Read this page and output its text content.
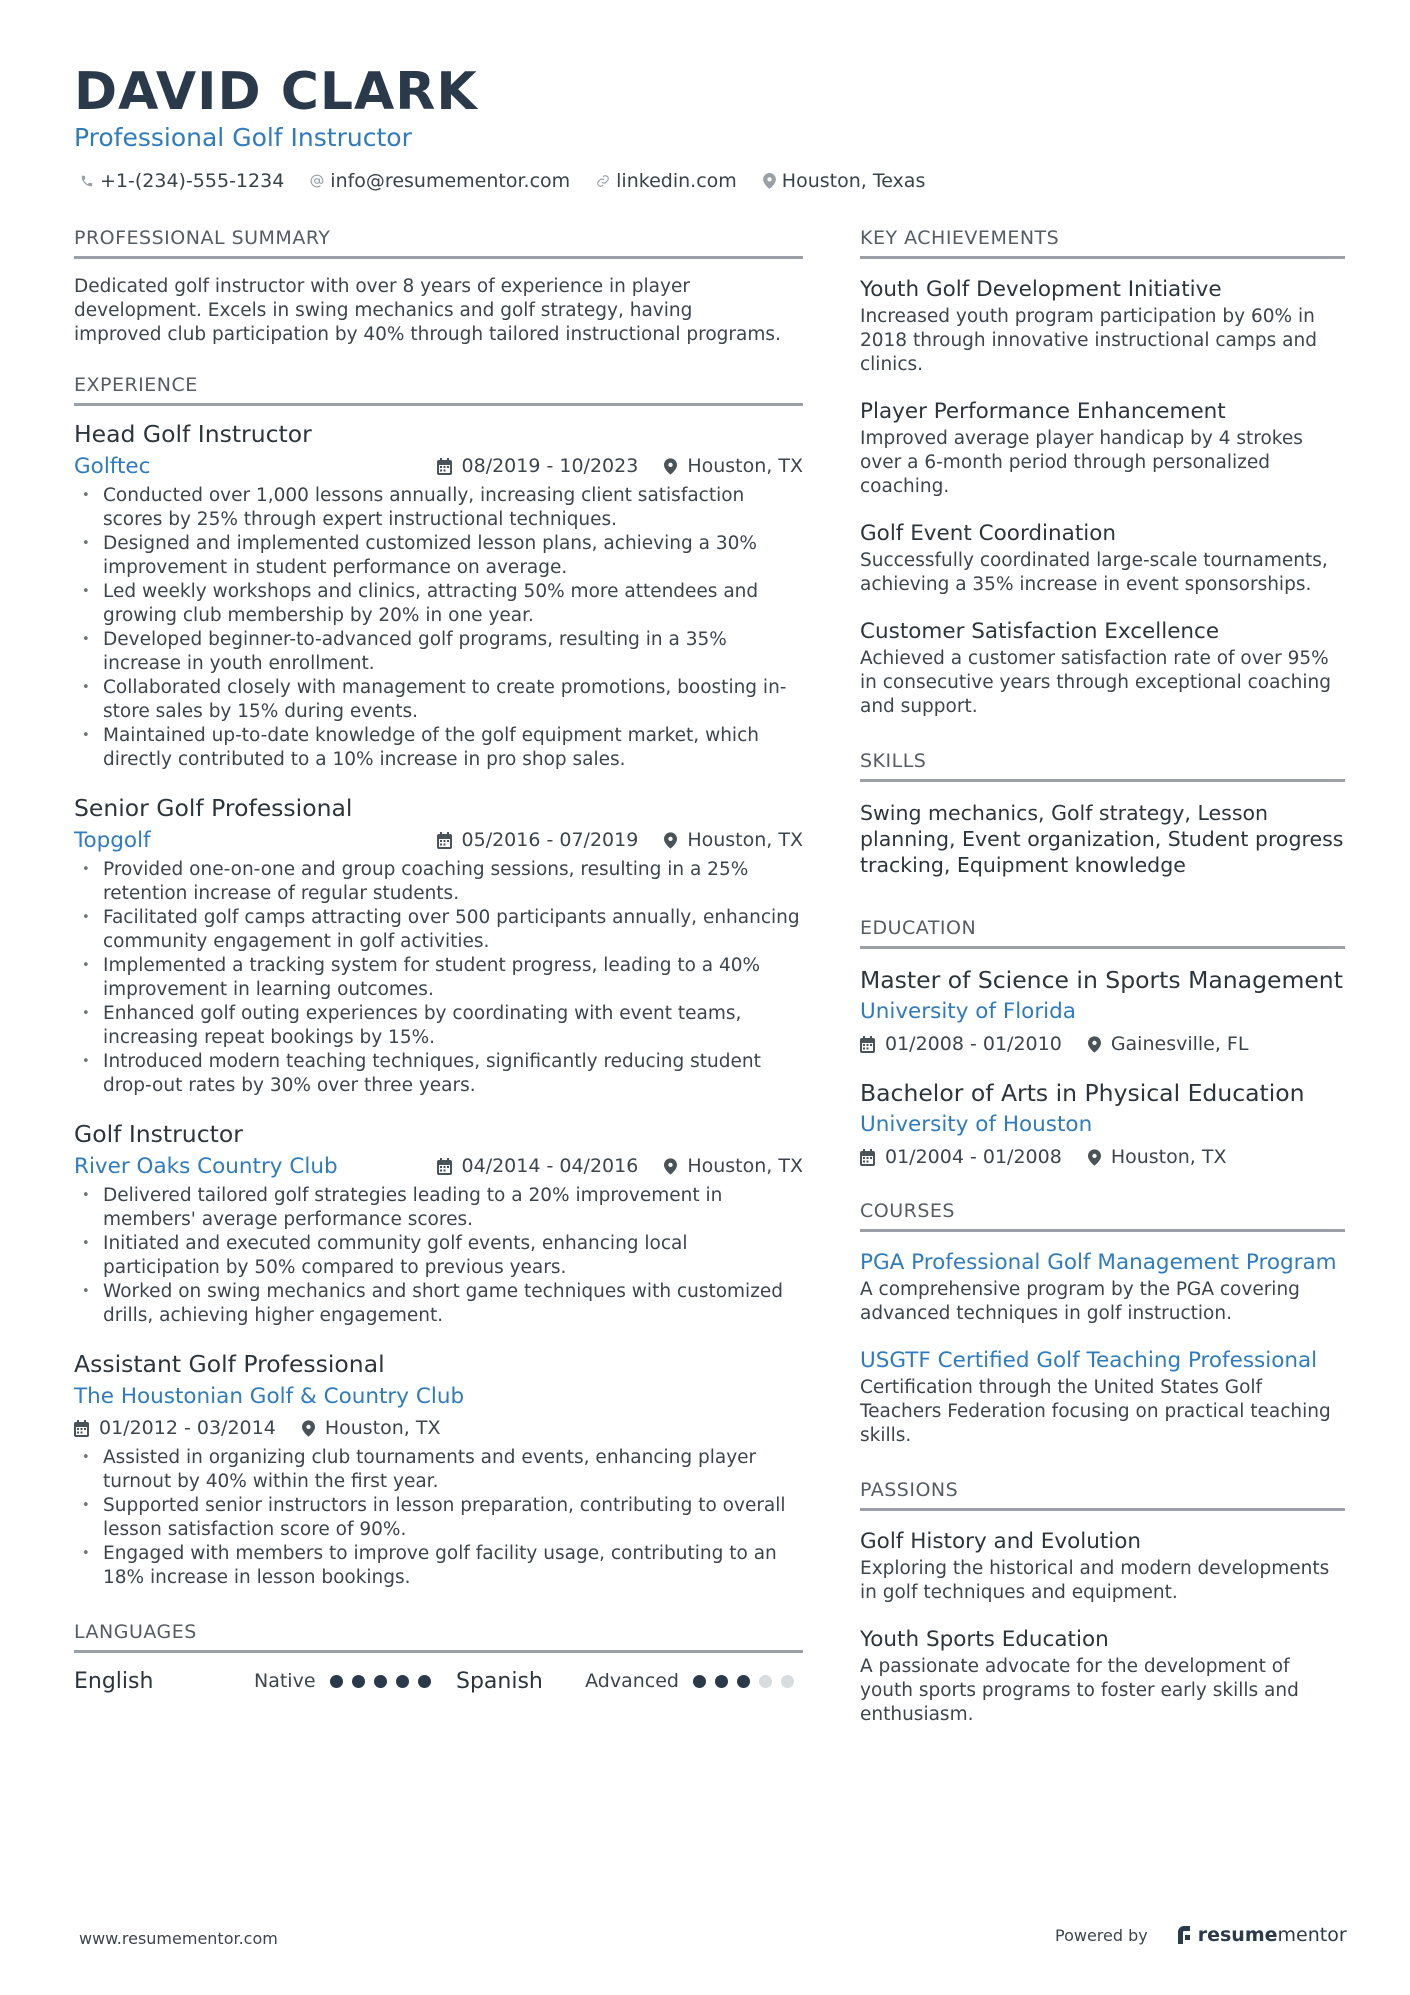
DAVID CLARK
Professional Golf Instructor
+1-(234)-555-1234 info@resumementor.com linkedin.com Houston, Texas
PROFESSIONAL SUMMARY
Dedicated golf instructor with over 8 years of experience in player development. Excels in swing mechanics and golf strategy, having improved club participation by 40% through tailored instructional programs.
EXPERIENCE
Head Golf Instructor
Golftec	08/2019 - 10/2023	Houston, TX
• Conducted over 1,000 lessons annually, increasing client satisfaction scores by 25% through expert instructional techniques.
• Designed and implemented customized lesson plans, achieving a 30% improvement in student performance on average.
• Led weekly workshops and clinics, attracting 50% more attendees and growing club membership by 20% in one year.
• Developed beginner-to-advanced golf programs, resulting in a 35% increase in youth enrollment.
• Collaborated closely with management to create promotions, boosting in-store sales by 15% during events.
• Maintained up-to-date knowledge of the golf equipment market, which directly contributed to a 10% increase in pro shop sales.
Senior Golf Professional
Topgolf	05/2016 - 07/2019	Houston, TX
• Provided one-on-one and group coaching sessions, resulting in a 25% retention increase of regular students.
• Facilitated golf camps attracting over 500 participants annually, enhancing community engagement in golf activities.
• Implemented a tracking system for student progress, leading to a 40% improvement in learning outcomes.
• Enhanced golf outing experiences by coordinating with event teams, increasing repeat bookings by 15%.
• Introduced modern teaching techniques, significantly reducing student drop-out rates by 30% over three years.
Golf Instructor
River Oaks Country Club	04/2014 - 04/2016	Houston, TX
• Delivered tailored golf strategies leading to a 20% improvement in members' average performance scores.
• Initiated and executed community golf events, enhancing local participation by 50% compared to previous years.
• Worked on swing mechanics and short game techniques with customized drills, achieving higher engagement.
Assistant Golf Professional
The Houstonian Golf & Country Club
01/2012 - 03/2014	Houston, TX
• Assisted in organizing club tournaments and events, enhancing player turnout by 40% within the first year.
• Supported senior instructors in lesson preparation, contributing to overall lesson satisfaction score of 90%.
• Engaged with members to improve golf facility usage, contributing to an 18% increase in lesson bookings.
LANGUAGES
English	Native	Spanish	Advanced
KEY ACHIEVEMENTS
Youth Golf Development Initiative
Increased youth program participation by 60% in 2018 through innovative instructional camps and clinics.
Player Performance Enhancement
Improved average player handicap by 4 strokes over a 6-month period through personalized coaching.
Golf Event Coordination
Successfully coordinated large-scale tournaments, achieving a 35% increase in event sponsorships.
Customer Satisfaction Excellence
Achieved a customer satisfaction rate of over 95% in consecutive years through exceptional coaching and support.
SKILLS
Swing mechanics, Golf strategy, Lesson planning, Event organization, Student progress tracking, Equipment knowledge
EDUCATION
Master of Science in Sports Management
University of Florida
01/2008 - 01/2010	Gainesville, FL
Bachelor of Arts in Physical Education
University of Houston
01/2004 - 01/2008	Houston, TX
COURSES
PGA Professional Golf Management Program
A comprehensive program by the PGA covering advanced techniques in golf instruction.
USGTF Certified Golf Teaching Professional
Certification through the United States Golf Teachers Federation focusing on practical teaching skills.
PASSIONS
Golf History and Evolution
Exploring the historical and modern developments in golf techniques and equipment.
Youth Sports Education
A passionate advocate for the development of youth sports programs to foster early skills and enthusiasm.
www.resumementor.com	Powered by	resume mentor
